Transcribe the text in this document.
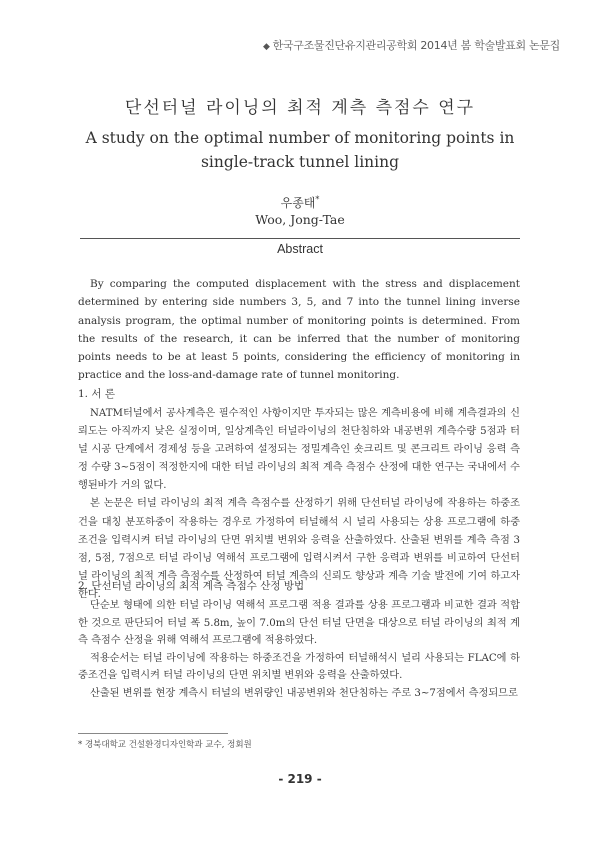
◆ 한국구조물진단유지관리공학회 2014년 봄 학술발표회 논문집
단선터널 라이닝의 최적 계측 측점수 연구
A study on the optimal number of monitoring points in single-track tunnel lining
우종태*
Woo, Jong-Tae
Abstract
By comparing the computed displacement with the stress and displacement determined by entering side numbers 3, 5, and 7 into the tunnel lining inverse analysis program, the optimal number of monitoring points is determined. From the results of the research, it can be inferred that the number of monitoring points needs to be at least 5 points, considering the efficiency of monitoring in practice and the loss-and-damage rate of tunnel monitoring.
1. 서 론

NATM터널에서 공사계측은 필수적인 사항이지만 투자되는 많은 계측비용에 비해 계측결과의 신뢰도는 아직까지 낮은 실정이며, 일상계측인 터널라이닝의 천단침하와 내공변위 계측수량 5점과 터널 시공 단계에서 경제성 등을 고려하여 설정되는 정밀계측인 숏크리트 및 콘크리트 라이닝 응력 측정 수량 3~5점이 적정한지에 대한 터널 라이닝의 최적 계측 측점수 산정에 대한 연구는 국내에서 수행된바가 거의 없다.

본 논문은 터널 라이닝의 최적 계측 측점수를 산정하기 위해 단선터널 라이닝에 작용하는 하중조건을 대칭 분포하중이 작용하는 경우로 가정하여 터널해석 시 널리 사용되는 상용 프로그램에 하중조건을 입력시켜 터널 라이닝의 단면 위치별 변위와 응력을 산출하였다. 산출된 변위를 계측 측점 3점, 5점, 7점으로 터널 라이닝 역해석 프로그램에 입력시켜서 구한 응력과 변위를 비교하여 단선터널 라이닝의 최적 계측 측점수를 산정하여 터널 계측의 신뢰도 향상과 계측 기술 발전에 기여 하고자 한다.

2. 단선터널 라이닝의 최적 계측 측점수 산정 방법

단순보 형태에 의한 터널 라이닝 역해석 프로그램 적용 결과를 상용 프로그램과 비교한 결과 적합한 것으로 판단되어 터널 폭 5.8m, 높이 7.0m의 단선 터널 단면을 대상으로 터널 라이닝의 최적 계측 측점수 산정을 위해 역해석 프로그램에 적용하였다.

적용순서는 터널 라이닝에 작용하는 하중조건을 가정하여 터널해석시 널리 사용되는 FLAC에 하중조건을 입력시켜 터널 라이닝의 단면 위치별 변위와 응력을 산출하였다.

산출된 변위를 현장 계측시 터널의 변위량인 내공변위와 천단침하는 주로 3~7점에서 측정되므로

* 경북대학교 건설환경디자인학과 교수, 정회원
- 219 -
